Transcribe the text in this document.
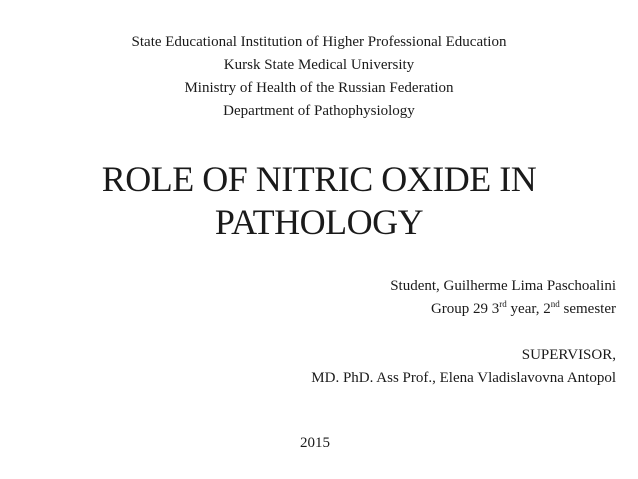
State Educational Institution of Higher Professional Education
Kursk State Medical University
Ministry of Health of the Russian Federation
Department of Pathophysiology
ROLE OF NITRIC OXIDE IN
PATHOLOGY
Student, Guilherme Lima Paschoalini
Group 29 3rd year, 2nd semester
SUPERVISOR,
MD. PhD. Ass Prof., Elena Vladislavovna Antopol
2015
